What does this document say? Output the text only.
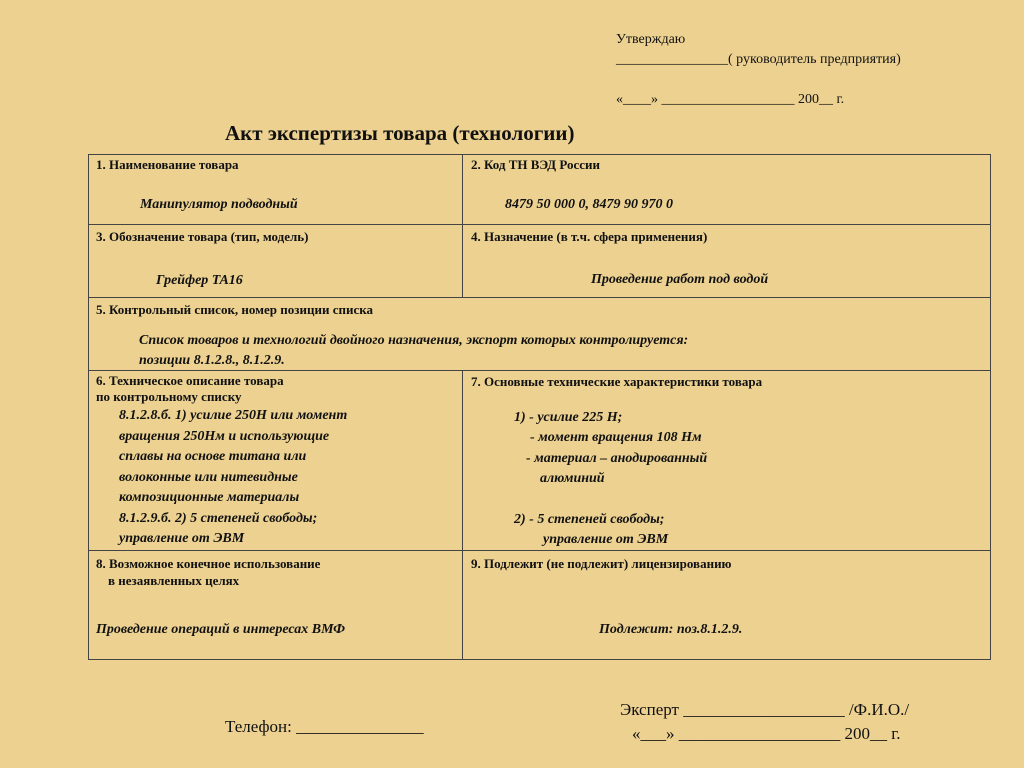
Утверждаю
________________( руководитель предприятия)
«____» ___________________ 200__ г.
Акт экспертизы товара (технологии)
1. Наименование товара
Манипулятор подводный
2. Код ТН ВЭД России
8479 50 000 0, 8479 90 970 0
3. Обозначение товара (тип, модель)
Грейфер ТА16
4. Назначение (в т.ч. сфера применения)
Проведение работ под водой
5. Контрольный список, номер позиции списка
Список товаров и технологий двойного назначения, экспорт которых контролируется:
позиции 8.1.2.8., 8.1.2.9.
6. Техническое описание товара
по контрольному списку
8.1.2.8.б. 1) усилие 250Н или момент
вращения 250Нм и использующие
сплавы на основе титана или
волоконные или нитевидные
композиционные материалы
8.1.2.9.б. 2) 5 степеней свободы;
управление от ЭВМ
7. Основные технические характеристики товара
1) - усилие 225 Н;
- момент вращения 108 Нм
- материал – анодированный
алюминий
2) - 5 степеней свободы;
управление от ЭВМ
8. Возможное конечное использование
в незаявленных целях
Проведение операций в интересах ВМФ
9. Подлежит (не подлежит) лицензированию
Подлежит: поз.8.1.2.9.
Телефон: _______________
Эксперт ___________________ /Ф.И.О./
«___» ___________________ 200__ г.
